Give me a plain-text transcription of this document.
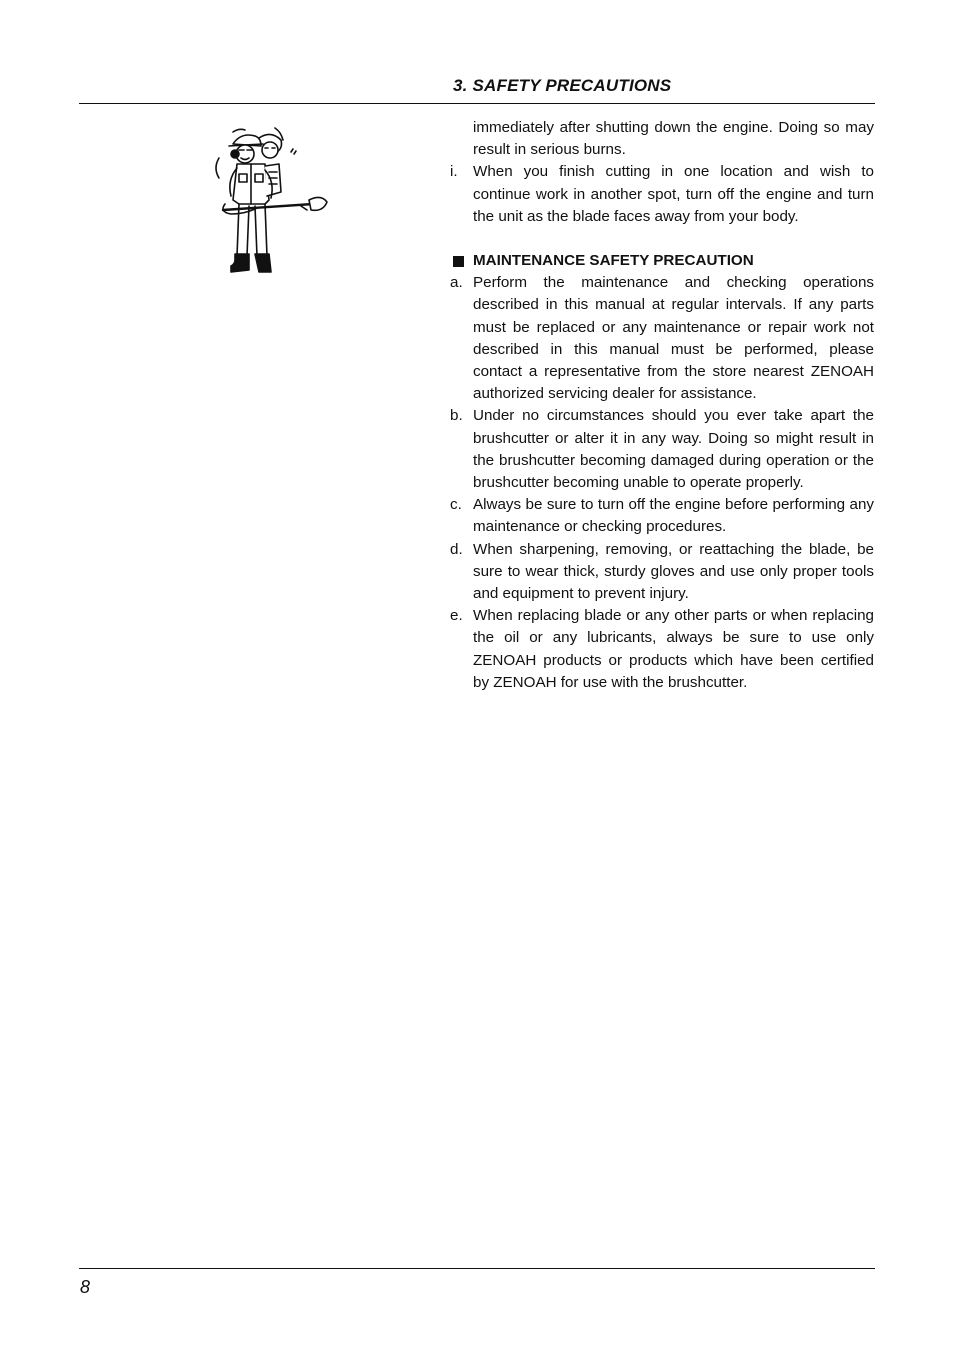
3. SAFETY PRECAUTIONS

immediately after shutting down the engine. Doing so may result in serious burns.

i.	When you finish cutting in one location and wish to continue work in another spot, turn off the engine and turn the unit as the blade faces away from your body.
MAINTENANCE SAFETY PRECAUTION
a. Perform the maintenance and checking operations described in this manual at regular intervals. If any parts must be replaced or any maintenance or repair work not described in this manual must be performed, please contact a representative from the store nearest ZENOAH authorized servicing dealer for assistance.
b. Under no circumstances should you ever take apart the brushcutter or alter it in any way. Doing so might result in the brushcutter becoming damaged during operation or the brushcutter becoming unable to operate properly.
c. Always be sure to turn off the engine before performing any maintenance or checking procedures.
d. When sharpening, removing, or reattaching the blade, be sure to wear thick, sturdy gloves and use only proper tools and equipment to prevent injury.
e. When replacing blade or any other parts or when replacing the oil or any lubricants, always be sure to use only ZENOAH products or products which have been certified by ZENOAH for use with the brushcutter.
8
